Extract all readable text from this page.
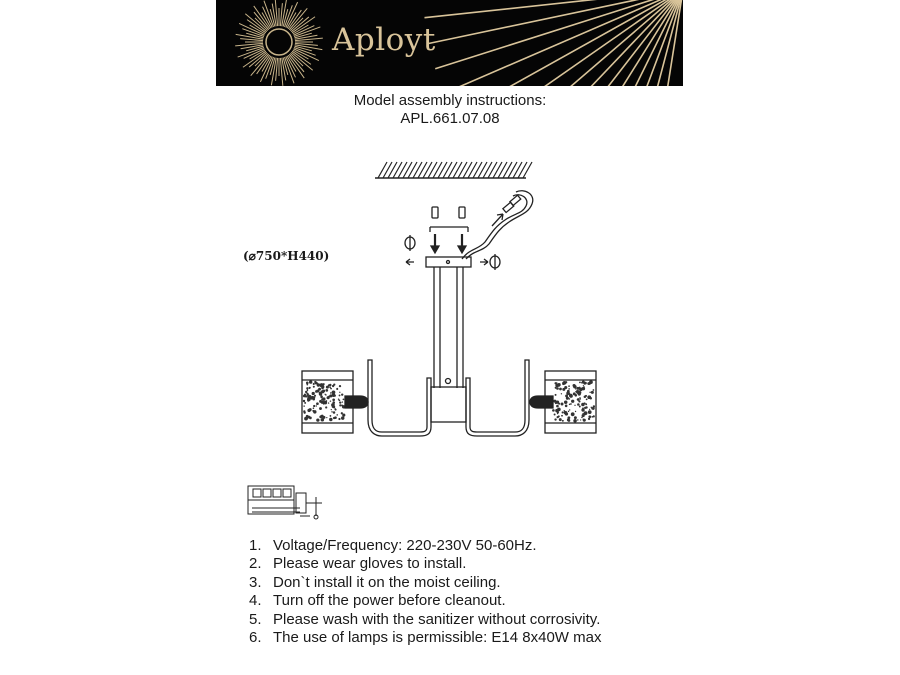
Aployt
Model assembly instructions:
APL.661.07.08
(⌀750*H440)
1. Voltage/Frequency: 220-230V 50-60Hz.
2. Please wear gloves to install.
3. Don`t install it on the moist ceiling.
4. Turn off the power before cleanout.
5. Please wash with the sanitizer without corrosivity.
6. The use of lamps is permissible: E14 8x40W max
